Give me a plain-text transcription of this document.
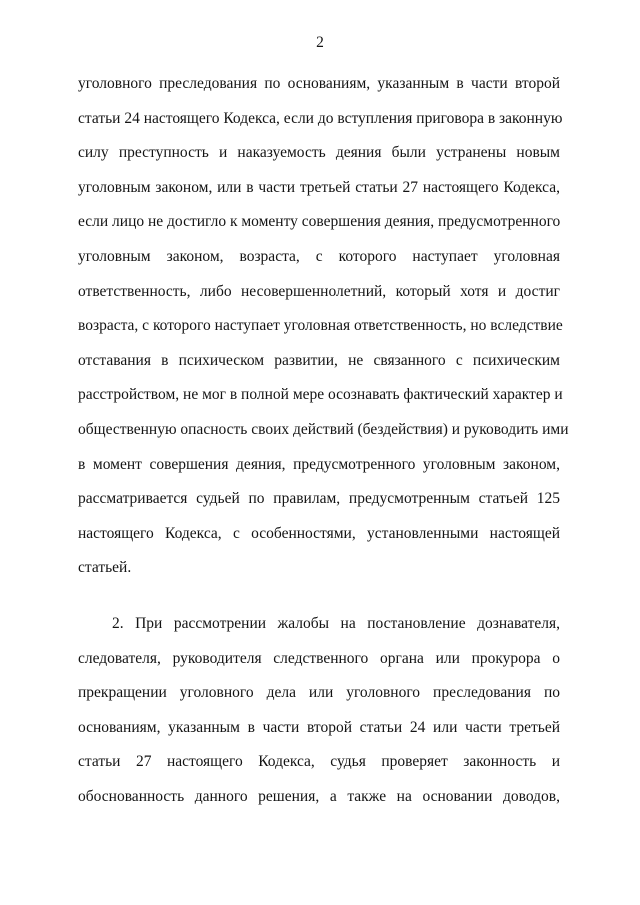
2
уголовного преследования по основаниям, указанным в части второй
статьи 24 настоящего Кодекса, если до вступления приговора в законную
силу преступность и наказуемость деяния были устранены новым
уголовным законом, или в части третьей статьи 27 настоящего Кодекса,
если лицо не достигло к моменту совершения деяния, предусмотренного
уголовным законом, возраста, с которого наступает уголовная
ответственность, либо несовершеннолетний, который хотя и достиг
возраста, с которого наступает уголовная ответственность, но вследствие
отставания в психическом развитии, не связанного с психическим
расстройством, не мог в полной мере осознавать фактический характер и
общественную опасность своих действий (бездействия) и руководить ими
в момент совершения деяния, предусмотренного уголовным законом,
рассматривается судьей по правилам, предусмотренным статьей 125
настоящего Кодекса, с особенностями, установленными настоящей
статьей.
2. При рассмотрении жалобы на постановление дознавателя,
следователя, руководителя следственного органа или прокурора о
прекращении уголовного дела или уголовного преследования по
основаниям, указанным в части второй статьи 24 или части третьей
статьи 27 настоящего Кодекса, судья проверяет законность и
обоснованность данного решения, а также на основании доводов,
